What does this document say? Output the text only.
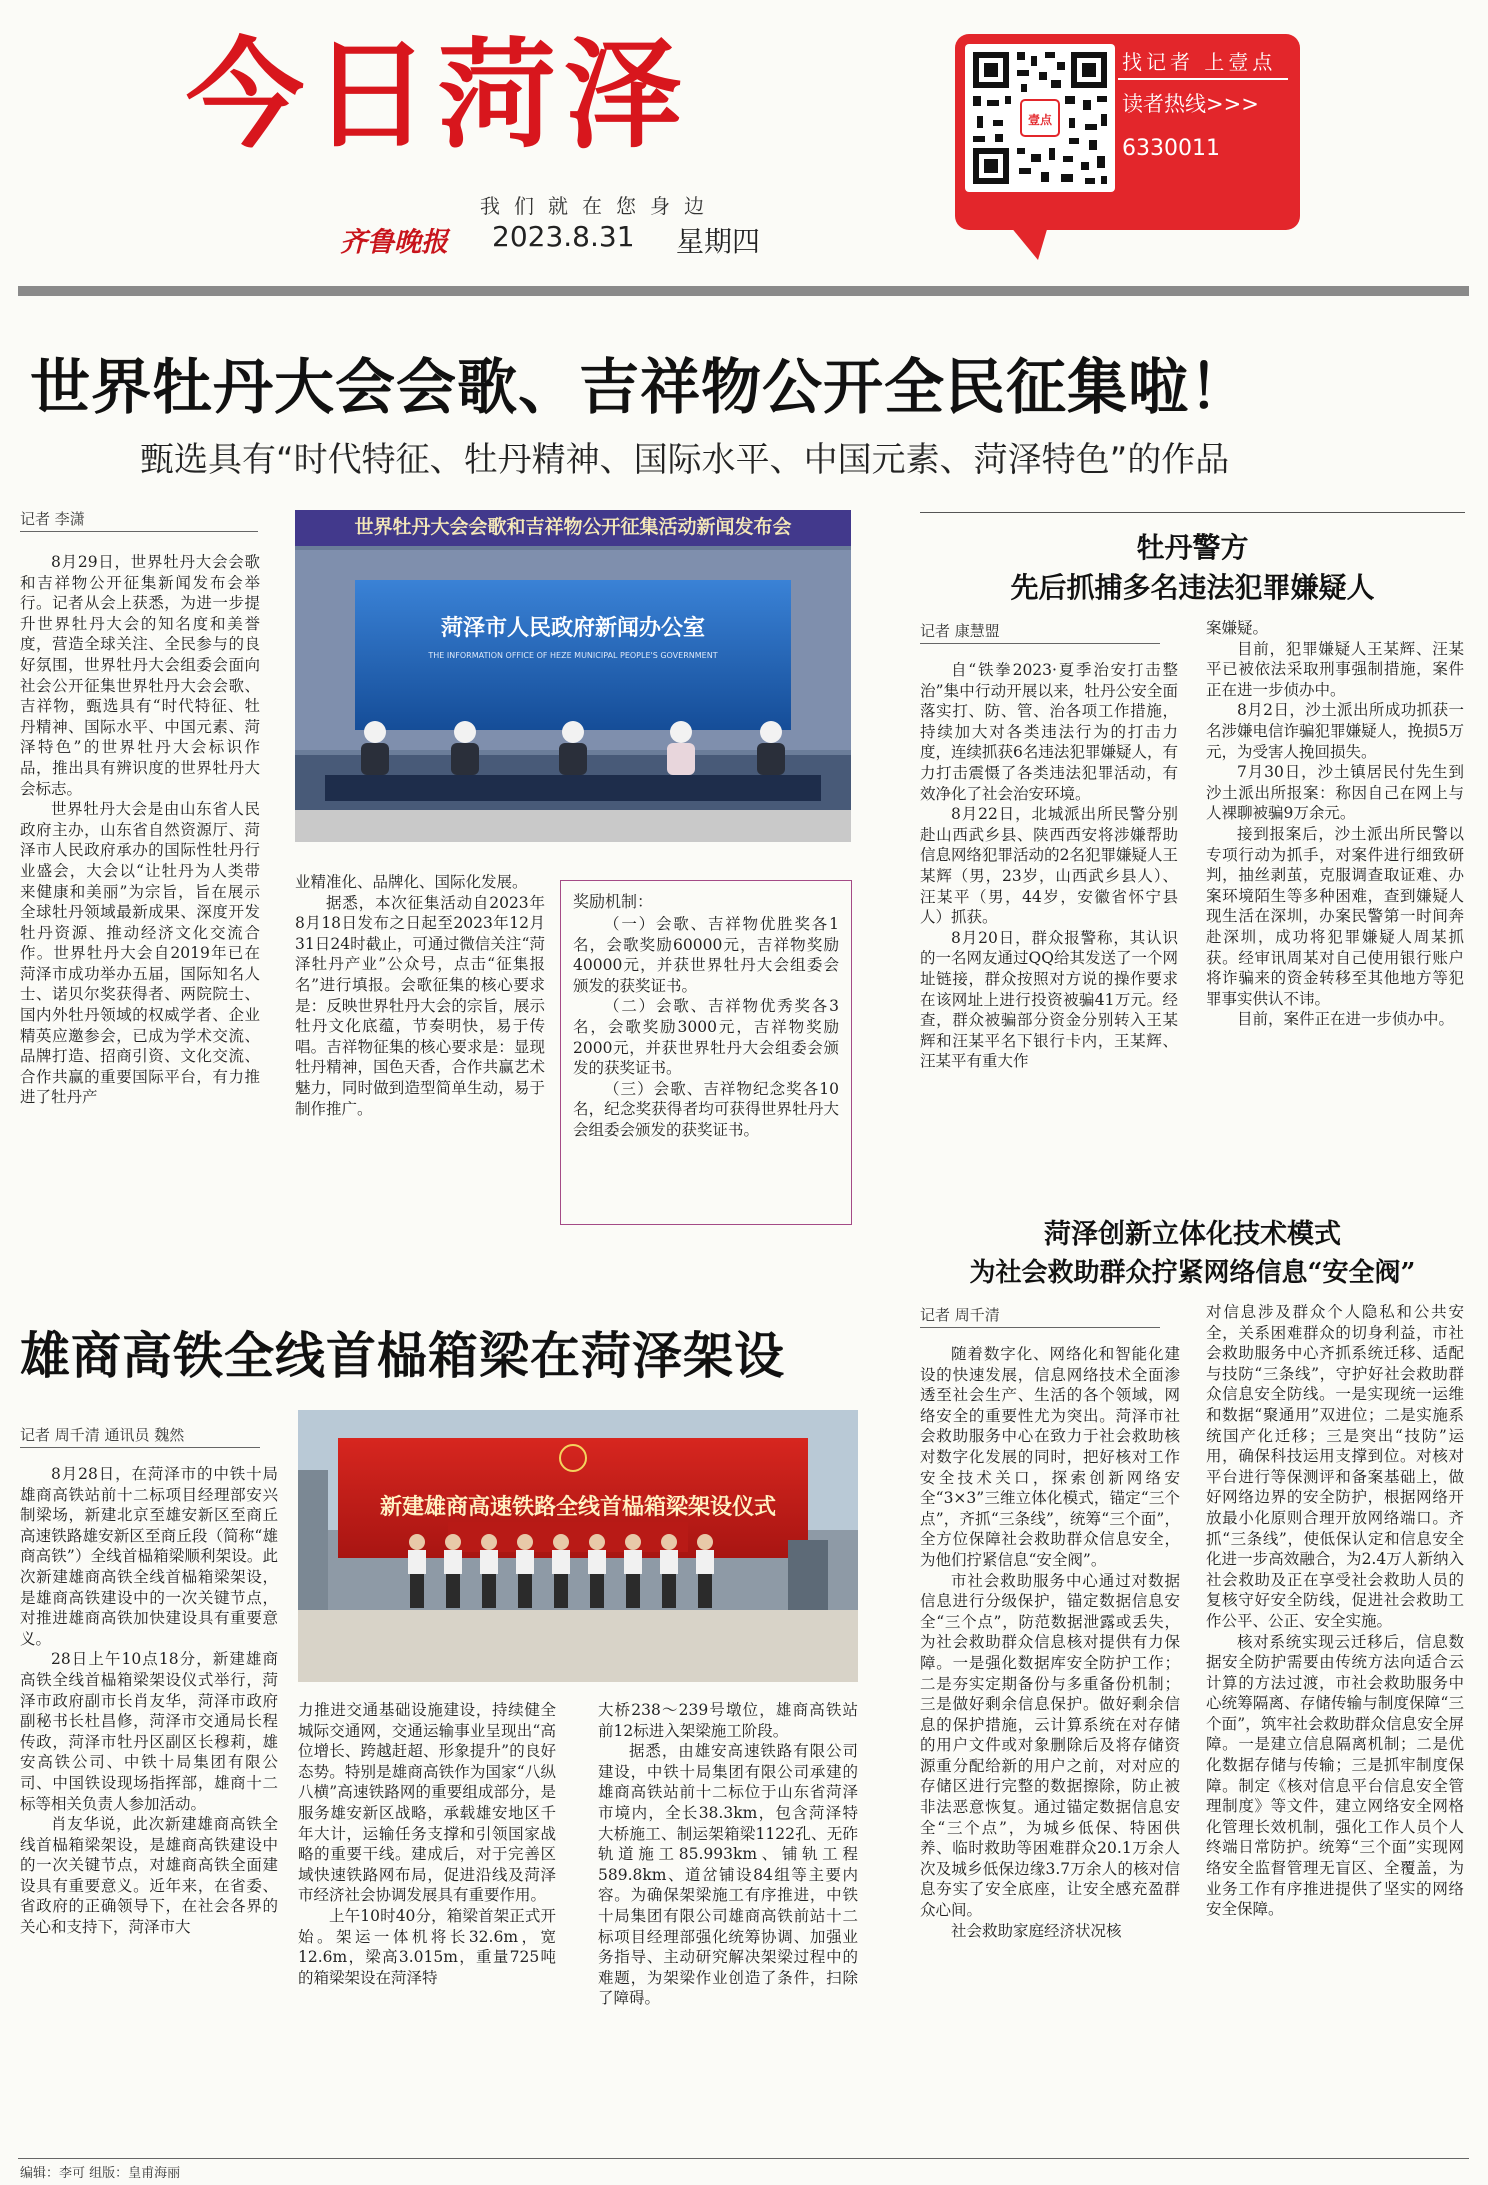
今日菏泽
我们就在您身边
齐鲁晚报 2023.8.31 星期四
壹点
找记者 上壹点
读者热线>>>
6330011
世界牡丹大会会歌、吉祥物公开全民征集啦！
甄选具有“时代特征、牡丹精神、国际水平、中国元素、菏泽特色”的作品
记者 李潇

8月29日，世界牡丹大会会歌和吉祥物公开征集新闻发布会举行。记者从会上获悉，为进一步提升世界牡丹大会的知名度和美誉度，营造全球关注、全民参与的良好氛围，世界牡丹大会组委会面向社会公开征集世界牡丹大会会歌、吉祥物，甄选具有“时代特征、牡丹精神、国际水平、中国元素、菏泽特色”的世界牡丹大会标识作品，推出具有辨识度的世界牡丹大会标志。

世界牡丹大会是由山东省人民政府主办，山东省自然资源厅、菏泽市人民政府承办的国际性牡丹行业盛会，大会以“让牡丹为人类带来健康和美丽”为宗旨，旨在展示全球牡丹领域最新成果、深度开发牡丹资源、推动经济文化交流合作。世界牡丹大会自2019年已在菏泽市成功举办五届，国际知名人士、诺贝尔奖获得者、两院院士、国内外牡丹领域的权威学者、企业精英应邀参会，已成为学术交流、品牌打造、招商引资、文化交流、合作共赢的重要国际平台，有力推进了牡丹产

菏泽市人民政府新闻办公室
THE INFORMATION OFFICE OF HEZE MUNICIPAL PEOPLE'S GOVERNMENT
世界牡丹大会会歌和吉祥物公开征集活动新闻发布会

业精准化、品牌化、国际化发展。

据悉，本次征集活动自2023年8月18日发布之日起至2023年12月31日24时截止，可通过微信关注“菏泽牡丹产业”公众号，点击“征集报名”进行填报。会歌征集的核心要求是：反映世界牡丹大会的宗旨，展示牡丹文化底蕴，节奏明快，易于传唱。吉祥物征集的核心要求是：显现牡丹精神，国色天香，合作共赢艺术魅力，同时做到造型简单生动，易于制作推广。

奖励机制：

（一）会歌、吉祥物优胜奖各1名，会歌奖励60000元，吉祥物奖励40000元，并获世界牡丹大会组委会颁发的获奖证书。

（二）会歌、吉祥物优秀奖各3名，会歌奖励3000元，吉祥物奖励2000元，并获世界牡丹大会组委会颁发的获奖证书。

（三）会歌、吉祥物纪念奖各10名，纪念奖获得者均可获得世界牡丹大会组委会颁发的获奖证书。

牡丹警方
先后抓捕多名违法犯罪嫌疑人
记者 康慧盟

自“铁拳2023·夏季治安打击整治”集中行动开展以来，牡丹公安全面落实打、防、管、治各项工作措施，持续加大对各类违法行为的打击力度，连续抓获6名违法犯罪嫌疑人，有力打击震慑了各类违法犯罪活动，有效净化了社会治安环境。

8月22日，北城派出所民警分别赴山西武乡县、陕西西安将涉嫌帮助信息网络犯罪活动的2名犯罪嫌疑人王某辉（男，23岁，山西武乡县人）、汪某平（男，44岁，安徽省怀宁县人）抓获。

8月20日，群众报警称，其认识的一名网友通过QQ给其发送了一个网址链接，群众按照对方说的操作要求在该网址上进行投资被骗41万元。经查，群众被骗部分资金分别转入王某辉和汪某平名下银行卡内，王某辉、汪某平有重大作

案嫌疑。

目前，犯罪嫌疑人王某辉、汪某平已被依法采取刑事强制措施，案件正在进一步侦办中。

8月2日，沙土派出所成功抓获一名涉嫌电信诈骗犯罪嫌疑人，挽损5万元，为受害人挽回损失。

7月30日，沙土镇居民付先生到沙土派出所报案：称因自己在网上与人裸聊被骗9万余元。

接到报案后，沙土派出所民警以专项行动为抓手，对案件进行细致研判，抽丝剥茧，克服调查取证难、办案环境陌生等多种困难，查到嫌疑人现生活在深圳，办案民警第一时间奔赴深圳，成功将犯罪嫌疑人周某抓获。经审讯周某对自己使用银行账户将诈骗来的资金转移至其他地方等犯罪事实供认不讳。

目前，案件正在进一步侦办中。

雄商高铁全线首榀箱梁在菏泽架设
记者 周千清 通讯员 魏然

8月28日，在菏泽市的中铁十局雄商高铁站前十二标项目经理部安兴制梁场，新建北京至雄安新区至商丘高速铁路雄安新区至商丘段（简称“雄商高铁”）全线首榀箱梁顺利架设。此次新建雄商高铁全线首榀箱梁架设，是雄商高铁建设中的一次关键节点，对推进雄商高铁加快建设具有重要意义。

28日上午10点18分，新建雄商高铁全线首榀箱梁架设仪式举行，菏泽市政府副市长肖友华，菏泽市政府副秘书长杜昌修，菏泽市交通局长程传政，菏泽市牡丹区副区长穆莉，雄安高铁公司、中铁十局集团有限公司、中国铁设现场指挥部，雄商十二标等相关负责人参加活动。

肖友华说，此次新建雄商高铁全线首榀箱梁架设，是雄商高铁建设中的一次关键节点，对雄商高铁全面建设具有重要意义。近年来，在省委、省政府的正确领导下，在社会各界的关心和支持下，菏泽市大

新建雄商高速铁路全线首榀箱梁架设仪式

力推进交通基础设施建设，持续健全城际交通网，交通运输事业呈现出“高位增长、跨越赶超、形象提升”的良好态势。特别是雄商高铁作为国家“八纵八横”高速铁路网的重要组成部分，是服务雄安新区战略，承载雄安地区千年大计，运输任务支撑和引领国家战略的重要干线。建成后，对于完善区域快速铁路网布局，促进沿线及菏泽市经济社会协调发展具有重要作用。

上午10时40分，箱梁首架正式开始。架运一体机将长32.6m，宽12.6m，梁高3.015m，重量725吨的箱梁架设在菏泽特

大桥238～239号墩位，雄商高铁站前12标进入架梁施工阶段。

据悉，由雄安高速铁路有限公司建设，中铁十局集团有限公司承建的雄商高铁站前十二标位于山东省菏泽市境内，全长38.3km，包含菏泽特大桥施工、制运架箱梁1122孔、无砟轨道施工85.993km、铺轨工程589.8km、道岔铺设84组等主要内容。为确保架梁施工有序推进，中铁十局集团有限公司雄商高铁前站十二标项目经理部强化统筹协调、加强业务指导、主动研究解决架梁过程中的难题，为架梁作业创造了条件，扫除了障碍。

菏泽创新立体化技术模式
为社会救助群众拧紧网络信息“安全阀”
记者 周千清

随着数字化、网络化和智能化建设的快速发展，信息网络技术全面渗透至社会生产、生活的各个领域，网络安全的重要性尤为突出。菏泽市社会救助服务中心在致力于社会救助核对数字化发展的同时，把好核对工作安全技术关口，探索创新网络安全“3×3”三维立体化模式，锚定“三个点”，齐抓“三条线”，统筹“三个面”，全方位保障社会救助群众信息安全，为他们拧紧信息“安全阀”。

市社会救助服务中心通过对数据信息进行分级保护，锚定数据信息安全“三个点”，防范数据泄露或丢失，为社会救助群众信息核对提供有力保障。一是强化数据库安全防护工作；二是夯实定期备份与多重备份机制；三是做好剩余信息保护。做好剩余信息的保护措施，云计算系统在对存储的用户文件或对象删除后及将存储资源重分配给新的用户之前，对对应的存储区进行完整的数据擦除，防止被非法恶意恢复。通过锚定数据信息安全“三个点”，为城乡低保、特困供养、临时救助等困难群众20.1万余人次及城乡低保边缘3.7万余人的核对信息夯实了安全底座，让安全感充盈群众心间。

社会救助家庭经济状况核

对信息涉及群众个人隐私和公共安全，关系困难群众的切身利益，市社会救助服务中心齐抓系统迁移、适配与技防“三条线”，守护好社会救助群众信息安全防线。一是实现统一运维和数据“聚通用”双进位；二是实施系统国产化迁移；三是突出“技防”运用，确保科技运用支撑到位。对核对平台进行等保测评和备案基础上，做好网络边界的安全防护，根据网络开放最小化原则合理开放网络端口。齐抓“三条线”，使低保认定和信息安全化进一步高效融合，为2.4万人新纳入社会救助及正在享受社会救助人员的复核守好安全防线，促进社会救助工作公平、公正、安全实施。

核对系统实现云迁移后，信息数据安全防护需要由传统方法向适合云计算的方法过渡，市社会救助服务中心统筹隔离、存储传输与制度保障“三个面”，筑牢社会救助群众信息安全屏障。一是建立信息隔离机制；二是优化数据存储与传输；三是抓牢制度保障。制定《核对信息平台信息安全管理制度》等文件，建立网络安全网格化管理长效机制，强化工作人员个人终端日常防护。统筹“三个面”实现网络安全监督管理无盲区、全覆盖，为业务工作有序推进提供了坚实的网络安全保障。

编辑：李可 组版：皇甫海丽
